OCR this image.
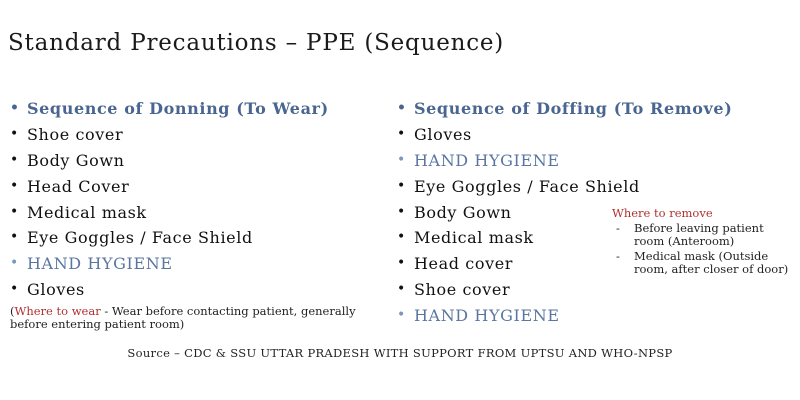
Standard Precautions – PPE (Sequence)
• Sequence of Donning (To Wear)
• Shoe cover
• Body Gown
• Head Cover
• Medical mask
• Eye Goggles / Face Shield
• HAND HYGIENE
• Gloves
• Sequence of Doffing (To Remove)
• Gloves
• HAND HYGIENE
• Eye Goggles / Face Shield
• Body Gown
• Medical mask
• Head cover
• Shoe cover
• HAND HYGIENE
(Where to wear - Wear before contacting patient, generally before entering patient room)
Where to remove
- Before leaving patient room (Anteroom)
- Medical mask (Outside room, after closer of door)
Source – CDC & SSU UTTAR PRADESH WITH SUPPORT FROM UPTSU AND WHO-NPSP
